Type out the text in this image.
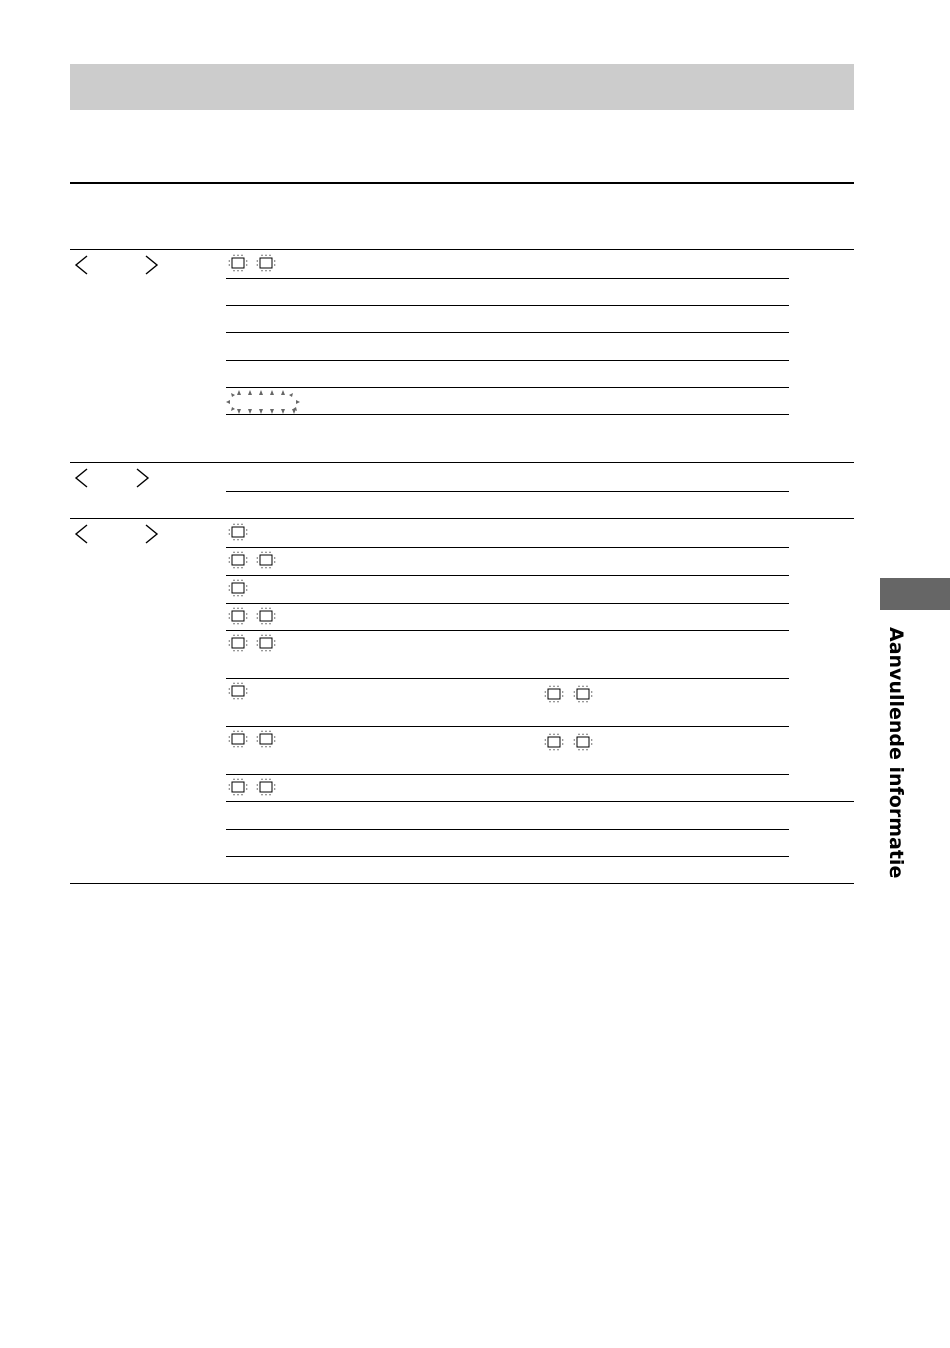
Aanvullende informatie
